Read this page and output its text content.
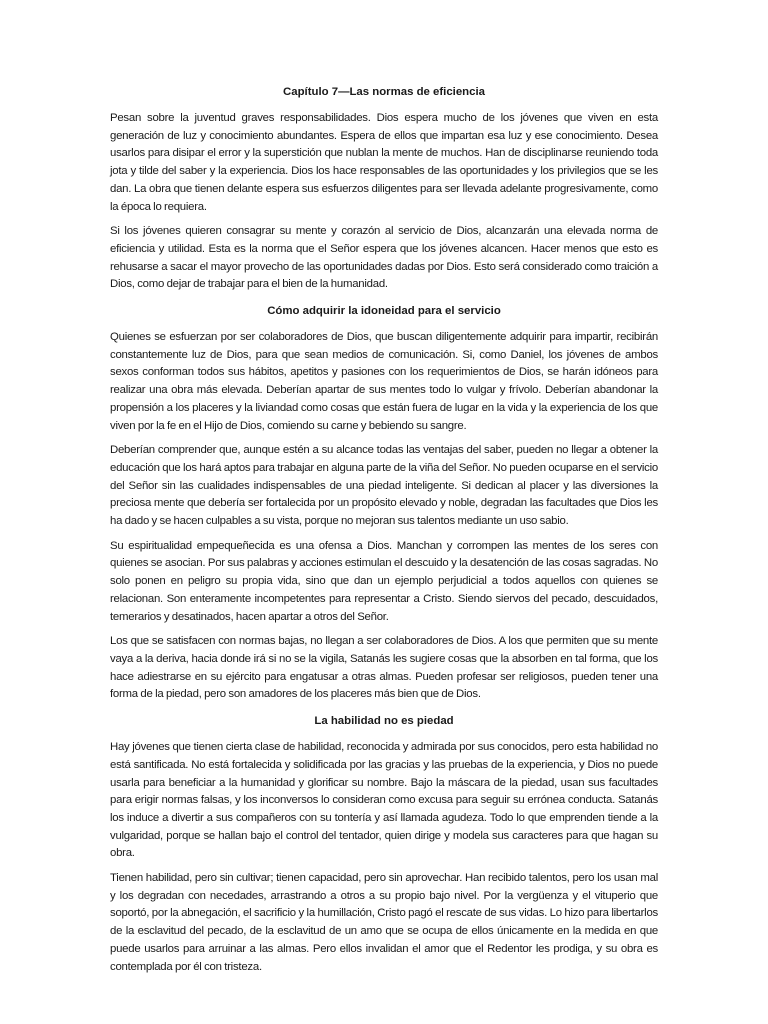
Capítulo 7—Las normas de eficiencia

Pesan sobre la juventud graves responsabilidades. Dios espera mucho de los jóvenes que viven en esta generación de luz y conocimiento abundantes. Espera de ellos que impartan esa luz y ese conocimiento. Desea usarlos para disipar el error y la superstición que nublan la mente de muchos. Han de disciplinarse reuniendo toda jota y tilde del saber y la experiencia. Dios los hace responsables de las oportunidades y los privilegios que se les dan. La obra que tienen delante espera sus esfuerzos diligentes para ser llevada adelante progresivamente, como la época lo requiera.

Si los jóvenes quieren consagrar su mente y corazón al servicio de Dios, alcanzarán una elevada norma de eficiencia y utilidad. Esta es la norma que el Señor espera que los jóvenes alcancen. Hacer menos que esto es rehusarse a sacar el mayor provecho de las oportunidades dadas por Dios. Esto será considerado como traición a Dios, como dejar de trabajar para el bien de la humanidad.

Cómo adquirir la idoneidad para el servicio

Quienes se esfuerzan por ser colaboradores de Dios, que buscan diligentemente adquirir para impartir, recibirán constantemente luz de Dios, para que sean medios de comunicación. Si, como Daniel, los jóvenes de ambos sexos conforman todos sus hábitos, apetitos y pasiones con los requerimientos de Dios, se harán idóneos para realizar una obra más elevada. Deberían apartar de sus mentes todo lo vulgar y frívolo. Deberían abandonar la propensión a los placeres y la liviandad como cosas que están fuera de lugar en la vida y la experiencia de los que viven por la fe en el Hijo de Dios, comiendo su carne y bebiendo su sangre.

Deberían comprender que, aunque estén a su alcance todas las ventajas del saber, pueden no llegar a obtener la educación que los hará aptos para trabajar en alguna parte de la viña del Señor. No pueden ocuparse en el servicio del Señor sin las cualidades indispensables de una piedad inteligente. Si dedican al placer y las diversiones la preciosa mente que debería ser fortalecida por un propósito elevado y noble, degradan las facultades que Dios les ha dado y se hacen culpables a su vista, porque no mejoran sus talentos mediante un uso sabio.

Su espiritualidad empequeñecida es una ofensa a Dios. Manchan y corrompen las mentes de los seres con quienes se asocian. Por sus palabras y acciones estimulan el descuido y la desatención de las cosas sagradas. No solo ponen en peligro su propia vida, sino que dan un ejemplo perjudicial a todos aquellos con quienes se relacionan. Son enteramente incompetentes para representar a Cristo. Siendo siervos del pecado, descuidados, temerarios y desatinados, hacen apartar a otros del Señor.

Los que se satisfacen con normas bajas, no llegan a ser colaboradores de Dios. A los que permiten que su mente vaya a la deriva, hacia donde irá si no se la vigila, Satanás les sugiere cosas que la absorben en tal forma, que los hace adiestrarse en su ejército para engatusar a otras almas. Pueden profesar ser religiosos, pueden tener una forma de la piedad, pero son amadores de los placeres más bien que de Dios.

La habilidad no es piedad

Hay jóvenes que tienen cierta clase de habilidad, reconocida y admirada por sus conocidos, pero esta habilidad no está santificada. No está fortalecida y solidificada por las gracias y las pruebas de la experiencia, y Dios no puede usarla para beneficiar a la humanidad y glorificar su nombre. Bajo la máscara de la piedad, usan sus facultades para erigir normas falsas, y los inconversos lo consideran como excusa para seguir su errónea conducta. Satanás los induce a divertir a sus compañeros con su tontería y así llamada agudeza. Todo lo que emprenden tiende a la vulgaridad, porque se hallan bajo el control del tentador, quien dirige y modela sus caracteres para que hagan su obra.

Tienen habilidad, pero sin cultivar; tienen capacidad, pero sin aprovechar. Han recibido talentos, pero los usan mal y los degradan con necedades, arrastrando a otros a su propio bajo nivel. Por la vergüenza y el vituperio que soportó, por la abnegación, el sacrificio y la humillación, Cristo pagó el rescate de sus vidas. Lo hizo para libertarlos de la esclavitud del pecado, de la esclavitud de un amo que se ocupa de ellos únicamente en la medida en que puede usarlos para arruinar a las almas. Pero ellos invalidan el amor que el Redentor les prodiga, y su obra es contemplada por él con tristeza.
